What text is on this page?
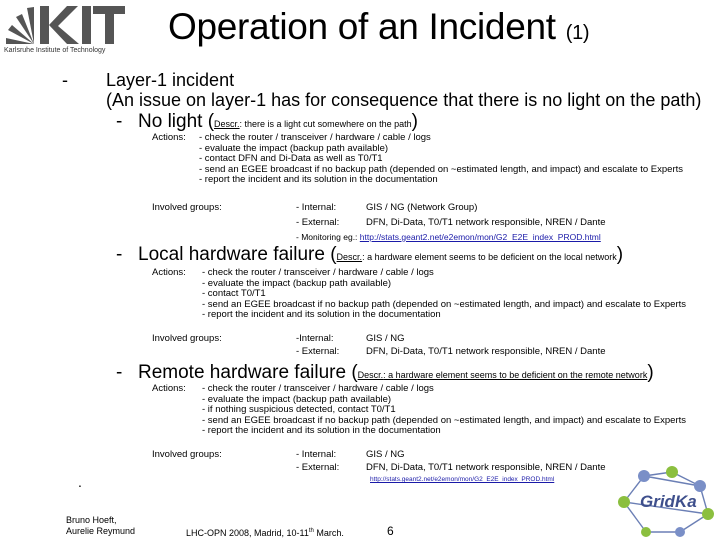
Karlsruhe Institute of Technology
Operation of an Incident (1)
- Layer-1 incident
(An issue on layer-1 has for consequence that there is no light on the path)
- No light (Descr.: there is a light cut somewhere on the path)
Actions: - check the router / transceiver / hardware / cable / logs
- evaluate the impact (backup path available)
- contact DFN and Di-Data as well as T0/T1
- send an EGEE broadcast if no backup path (depended on ~estimated length, and impact) and escalate to Experts
- report the incident and its solution in the documentation
Involved groups:	- Internal:	GIS / NG (Network Group)
- External:	DFN, Di-Data, T0/T1 network responsible, NREN / Dante
- Monitoring eg.: http://stats.geant2.net/e2emon/mon/G2_E2E_index_PROD.html
- Local hardware failure (Descr.: a hardware element seems to be deficient on the local network)
Actions: - check the router / transceiver / hardware / cable / logs
- evaluate the impact (backup path available)
- contact T0/T1
- send an EGEE broadcast if no backup path (depended on ~estimated length, and impact) and escalate to Experts
- report the incident and its solution in the documentation
Involved groups:	-Internal:	GIS / NG
- External:	DFN, Di-Data, T0/T1 network responsible, NREN / Dante
- Remote hardware failure (Descr.: a hardware element seems to be deficient on the remote network)
Actions: - check the router / transceiver / hardware / cable / logs
- evaluate the impact (backup path available)
- if nothing suspicious detected, contact T0/T1
- send an EGEE broadcast if no backup path (depended on ~estimated length, and impact) and escalate to Experts
- report the incident and its solution in the documentation
Involved groups:	- Internal:	GIS / NG
- External:	DFN, Di-Data, T0/T1 network responsible, NREN / Dante
http://stats.geant2.net/e2emon/mon/G2_E2E_index_PROD.html
.
Bruno Hoeft,
Aurelie Reymund	LHC-OPN 2008, Madrid, 10-11th March.	6
GridKa
